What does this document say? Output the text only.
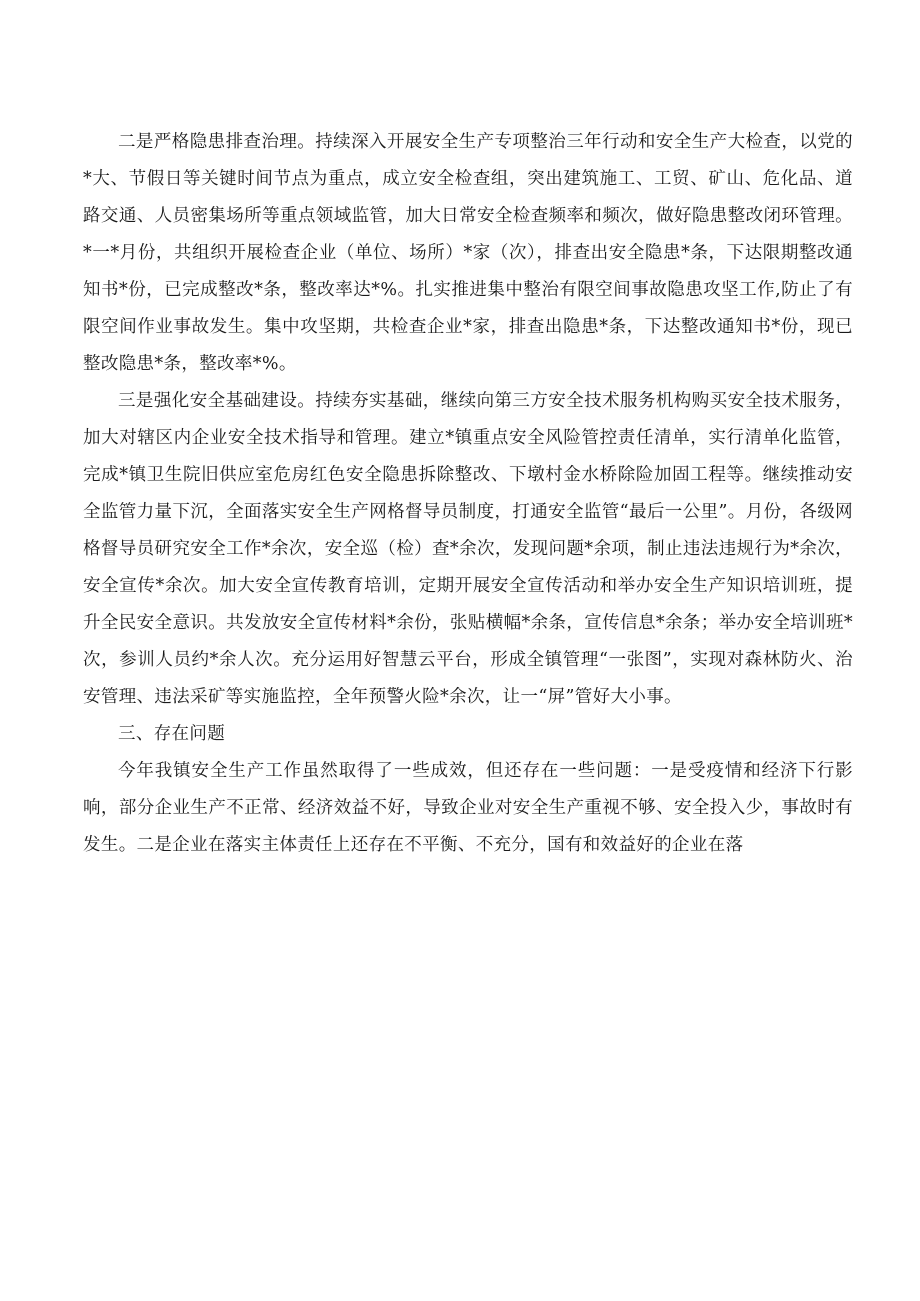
二是严格隐患排查治理。持续深入开展安全生产专项整治三年行动和安全生产大检查，以党的*大、节假日等关键时间节点为重点，成立安全检查组，突出建筑施工、工贸、矿山、危化品、道路交通、人员密集场所等重点领域监管，加大日常安全检查频率和频次，做好隐患整改闭环管理。*一*月份，共组织开展检查企业（单位、场所）*家（次），排查出安全隐患*条，下达限期整改通知书*份，已完成整改*条，整改率达*%。扎实推进集中整治有限空间事故隐患攻坚工作,防止了有限空间作业事故发生。集中攻坚期，共检查企业*家，排查出隐患*条，下达整改通知书*份，现已整改隐患*条，整改率*%。

三是强化安全基础建设。持续夯实基础，继续向第三方安全技术服务机构购买安全技术服务，加大对辖区内企业安全技术指导和管理。建立*镇重点安全风险管控责任清单，实行清单化监管，完成*镇卫生院旧供应室危房红色安全隐患拆除整改、下墩村金水桥除险加固工程等。继续推动安全监管力量下沉，全面落实安全生产网格督导员制度，打通安全监管“最后一公里”。月份，各级网格督导员研究安全工作*余次，安全巡（检）查*余次，发现问题*余项，制止违法违规行为*余次，安全宣传*余次。加大安全宣传教育培训，定期开展安全宣传活动和举办安全生产知识培训班，提升全民安全意识。共发放安全宣传材料*余份，张贴横幅*余条，宣传信息*余条；举办安全培训班*次，参训人员约*余人次。充分运用好智慧云平台，形成全镇管理“一张图”，实现对森林防火、治安管理、违法采矿等实施监控，全年预警火险*余次，让一“屏”管好大小事。

三、存在问题

今年我镇安全生产工作虽然取得了一些成效，但还存在一些问题：一是受疫情和经济下行影响，部分企业生产不正常、经济效益不好，导致企业对安全生产重视不够、安全投入少，事故时有发生。二是企业在落实主体责任上还存在不平衡、不充分，国有和效益好的企业在落
